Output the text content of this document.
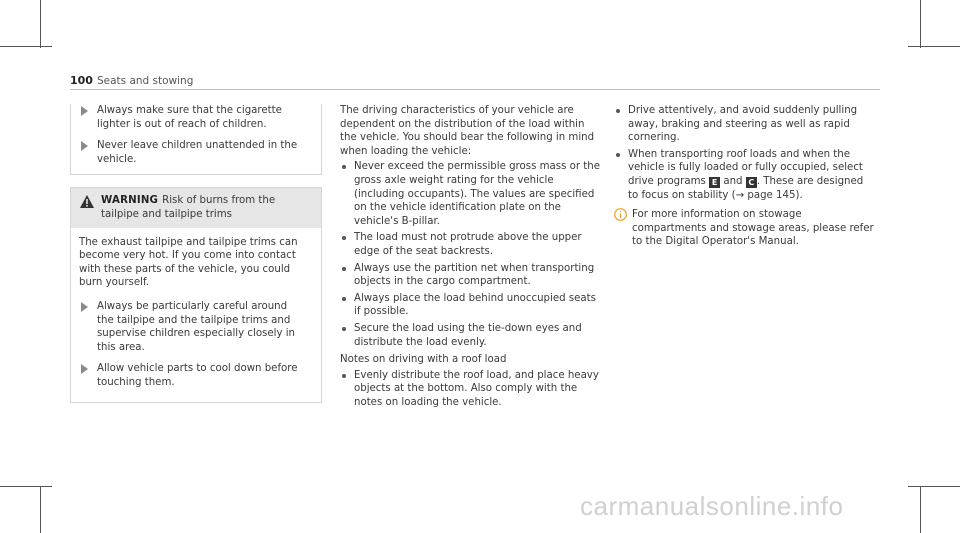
100 Seats and stowing
Always make sure that the cigarette lighter is out of reach of children.
Never leave children unattended in the vehicle.
WARNING Risk of burns from the tailpipe and tailpipe trims

The exhaust tailpipe and tailpipe trims can become very hot. If you come into contact with these parts of the vehicle, you could burn yourself.

Always be particularly careful around the tailpipe and the tailpipe trims and supervise children especially closely in this area.
Allow vehicle parts to cool down before touching them.

The driving characteristics of your vehicle are dependent on the distribution of the load within the vehicle. You should bear the following in mind when loading the vehicle:

Never exceed the permissible gross mass or the gross axle weight rating for the vehicle (including occupants). The values are specified on the vehicle identification plate on the vehicle's B-pillar.
The load must not protrude above the upper edge of the seat backrests.
Always use the partition net when transporting objects in the cargo compartment.
Always place the load behind unoccupied seats if possible.
Secure the load using the tie-down eyes and distribute the load evenly.

Notes on driving with a roof load

Evenly distribute the roof load, and place heavy objects at the bottom. Also comply with the notes on loading the vehicle.
Drive attentively, and avoid suddenly pulling away, braking and steering as well as rapid cornering.
When transporting roof loads and when the vehicle is fully loaded or fully occupied, select drive programs E and C . These are designed to focus on stability (→ page 145).
For more information on stowage compartments and stowage areas, please refer to the Digital Operator's Manual.
carmanualsonline.info
